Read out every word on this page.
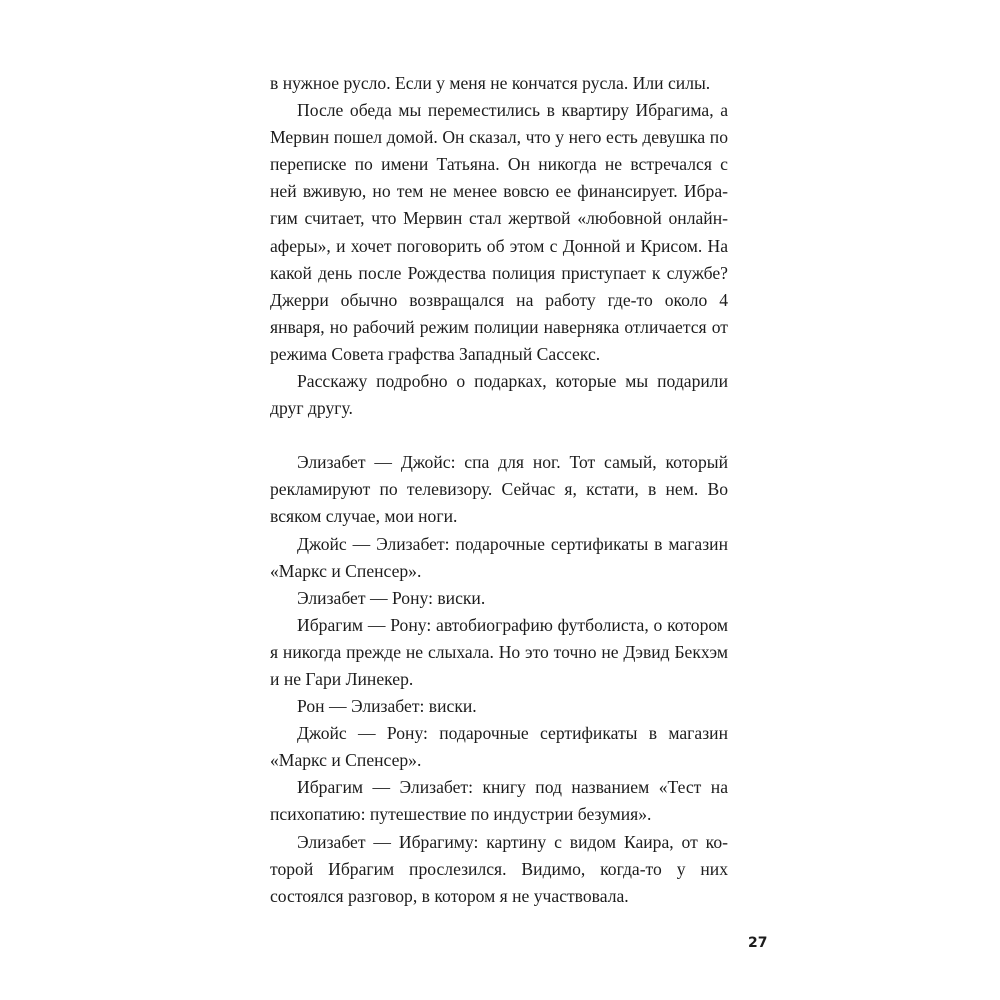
в нужное русло. Если у меня не кончатся русла. Или силы.

После обеда мы переместились в квартиру Ибрагима, а Мервин пошел домой. Он сказал, что у него есть девушка по переписке по имени Татьяна. Он никогда не встречался с ней вживую, но тем не менее вовсю ее финансирует. Ибрагим считает, что Мервин стал жертвой «любовной онлайнаферы», и хочет поговорить об этом с Донной и Крисом. На какой день после Рождества полиция приступает к службе? Джерри обычно возвращался на работу где-то около 4 января, но рабочий режим полиции наверняка отличается от режима Совета графства Западный Сассекс.

Расскажу подробно о подарках, которые мы подарили друг другу.

Элизабет — Джойс: спа для ног. Тот самый, который рекламируют по телевизору. Сейчас я, кстати, в нем. Во всяком случае, мои ноги.

Джойс — Элизабет: подарочные сертификаты в магазин «Маркс и Спенсер».

Элизабет — Рону: виски.

Ибрагим — Рону: автобиографию футболиста, о котором я никогда прежде не слыхала. Но это точно не Дэвид Бекхэм и не Гари Линекер.

Рон — Элизабет: виски.

Джойс — Рону: подарочные сертификаты в магазин «Маркс и Спенсер».

Ибрагим — Элизабет: книгу под названием «Тест на психопатию: путешествие по индустрии безумия».

Элизабет — Ибрагиму: картину с видом Каира, от которой Ибрагим прослезился. Видимо, когда-то у них состоялся разговор, в котором я не участвовала.

27
